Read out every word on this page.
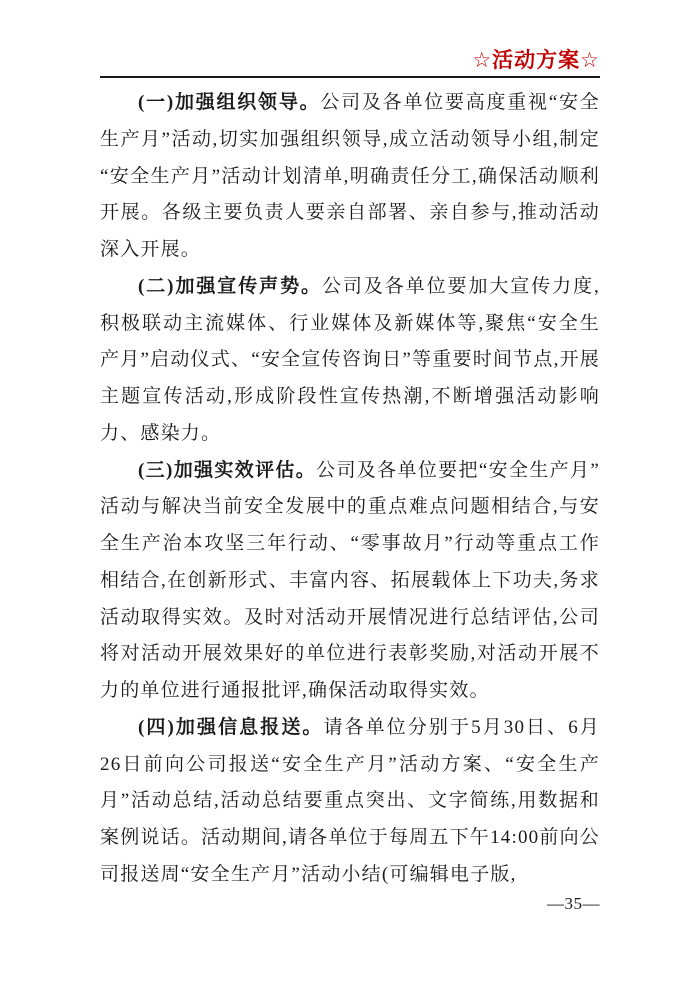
☆活动方案☆

(一)加强组织领导。公司及各单位要高度重视“安全生产月”活动,切实加强组织领导,成立活动领导小组,制定“安全生产月”活动计划清单,明确责任分工,确保活动顺利开展。各级主要负责人要亲自部署、亲自参与,推动活动深入开展。

(二)加强宣传声势。公司及各单位要加大宣传力度,积极联动主流媒体、行业媒体及新媒体等,聚焦“安全生产月”启动仪式、“安全宣传咨询日”等重要时间节点,开展主题宣传活动,形成阶段性宣传热潮,不断增强活动影响力、感染力。

(三)加强实效评估。公司及各单位要把“安全生产月”活动与解决当前安全发展中的重点难点问题相结合,与安全生产治本攻坚三年行动、“零事故月”行动等重点工作相结合,在创新形式、丰富内容、拓展载体上下功夫,务求活动取得实效。及时对活动开展情况进行总结评估,公司将对活动开展效果好的单位进行表彰奖励,对活动开展不力的单位进行通报批评,确保活动取得实效。

(四)加强信息报送。请各单位分别于5月30日、6月26日前向公司报送“安全生产月”活动方案、“安全生产月”活动总结,活动总结要重点突出、文字简练,用数据和案例说话。活动期间,请各单位于每周五下午14:00前向公司报送周“安全生产月”活动小结(可编辑电子版,

—35—
